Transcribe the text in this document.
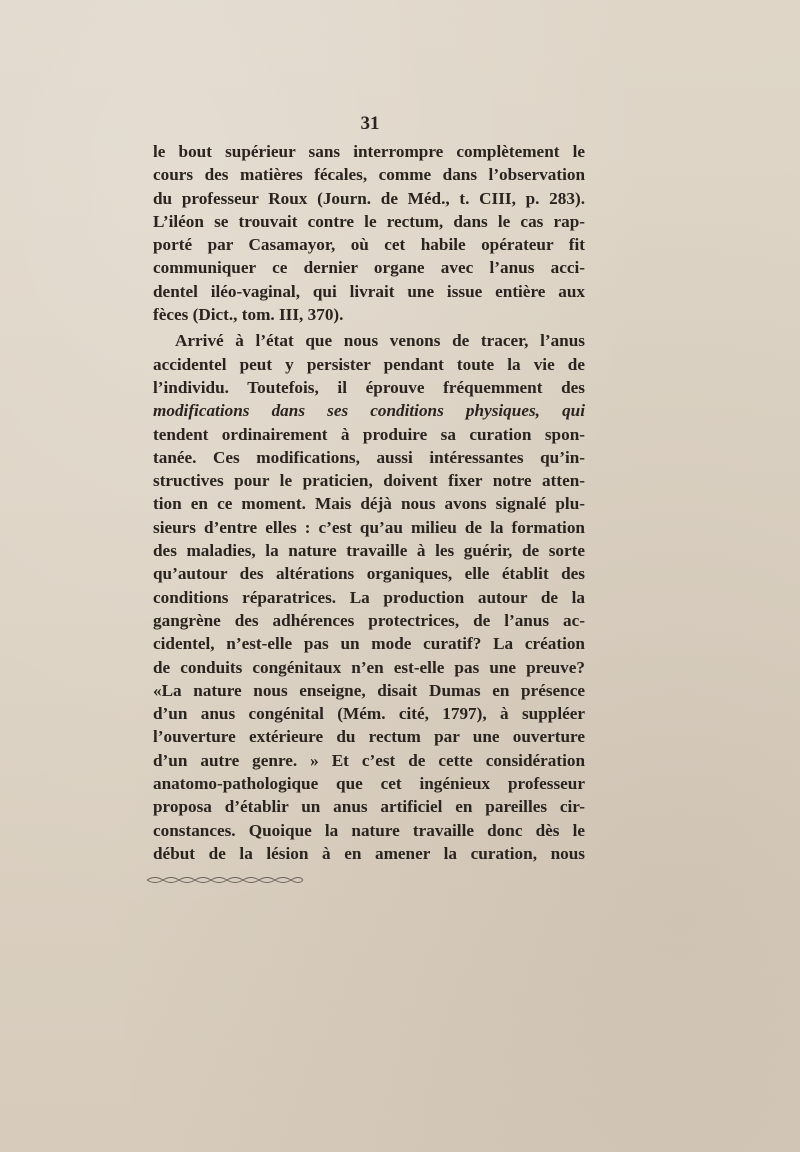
31
le bout supérieur sans interrompre complètement le
cours des matières fécales, comme dans l’observation
du professeur Roux (Journ. de Méd., t. CIII, p. 283).
L’iléon se trouvait contre le rectum, dans le cas rap-
porté par Casamayor, où cet habile opérateur fit
communiquer ce dernier organe avec l’anus acci-
dentel iléo-vaginal, qui livrait une issue entière aux
fèces (Dict., tom. III, 370).
Arrivé à l’état que nous venons de tracer, l’anus
accidentel peut y persister pendant toute la vie de
l’individu. Toutefois, il éprouve fréquemment des
modifications dans ses conditions physiques, qui
tendent ordinairement à produire sa curation spon-
tanée. Ces modifications, aussi intéressantes qu’in-
structives pour le praticien, doivent fixer notre atten-
tion en ce moment. Mais déjà nous avons signalé plu-
sieurs d’entre elles : c’est qu’au milieu de la formation
des maladies, la nature travaille à les guérir, de sorte
qu’autour des altérations organiques, elle établit des
conditions réparatrices. La production autour de la
gangrène des adhérences protectrices, de l’anus ac-
cidentel, n’est-elle pas un mode curatif? La création
de conduits congénitaux n’en est-elle pas une preuve?
«La nature nous enseigne, disait Dumas en présence
d’un anus congénital (Mém. cité, 1797), à suppléer
l’ouverture extérieure du rectum par une ouverture
d’un autre genre. » Et c’est de cette considération
anatomo-pathologique que cet ingénieux professeur
proposa d’établir un anus artificiel en pareilles cir-
constances. Quoique la nature travaille donc dès le
début de la lésion à en amener la curation, nous
